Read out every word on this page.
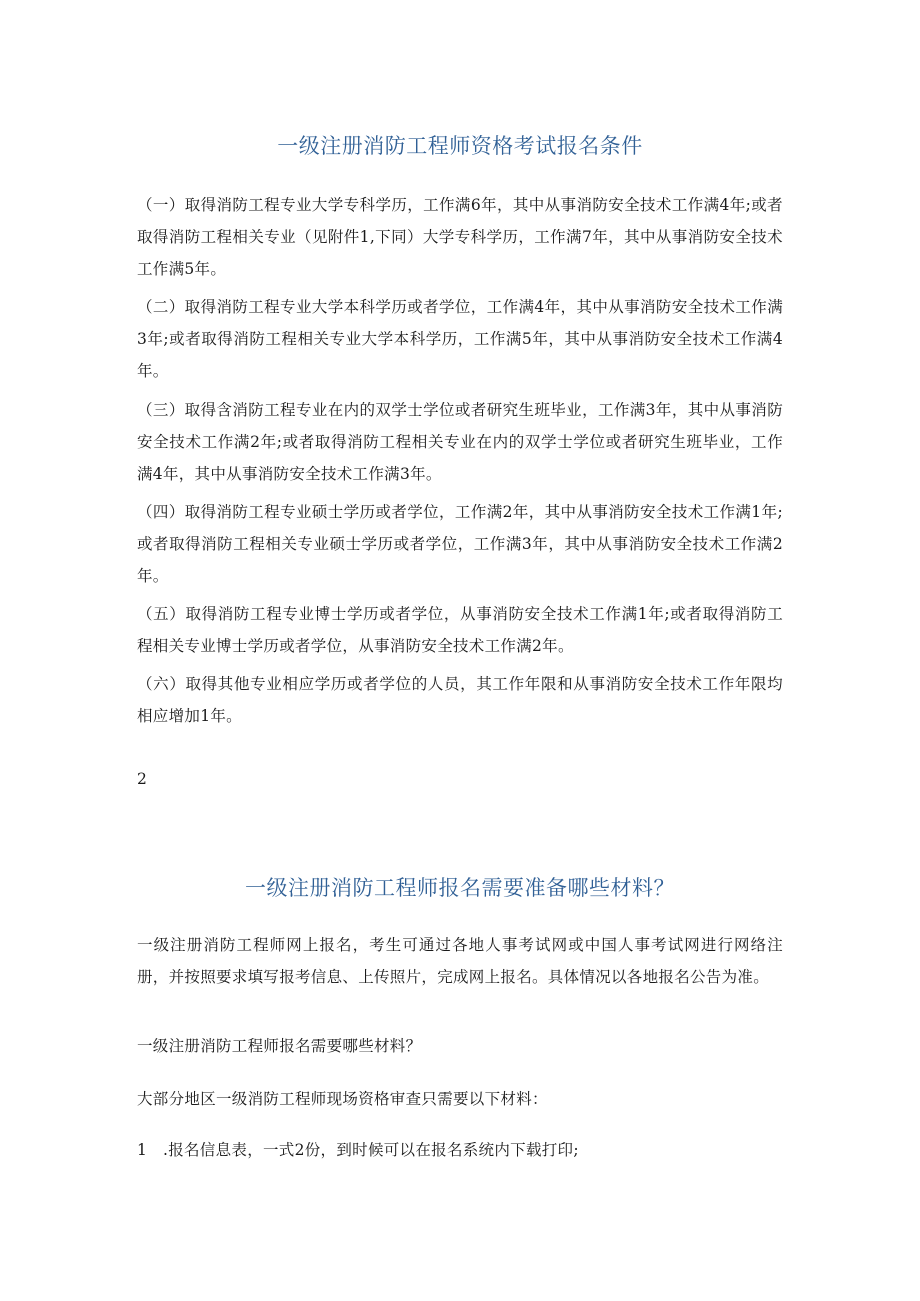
一级注册消防工程师资格考试报名条件

（一）取得消防工程专业大学专科学历，工作满6年，其中从事消防安全技术工作满4年;或者取得消防工程相关专业（见附件1,下同）大学专科学历，工作满7年，其中从事消防安全技术工作满5年。

（二）取得消防工程专业大学本科学历或者学位，工作满4年，其中从事消防安全技术工作满3年;或者取得消防工程相关专业大学本科学历，工作满5年，其中从事消防安全技术工作满4年。

（三）取得含消防工程专业在内的双学士学位或者研究生班毕业，工作满3年，其中从事消防安全技术工作满2年;或者取得消防工程相关专业在内的双学士学位或者研究生班毕业，工作满4年，其中从事消防安全技术工作满3年。

（四）取得消防工程专业硕士学历或者学位，工作满2年，其中从事消防安全技术工作满1年;或者取得消防工程相关专业硕士学历或者学位，工作满3年，其中从事消防安全技术工作满2年。

（五）取得消防工程专业博士学历或者学位，从事消防安全技术工作满1年;或者取得消防工程相关专业博士学历或者学位，从事消防安全技术工作满2年。

（六）取得其他专业相应学历或者学位的人员，其工作年限和从事消防安全技术工作年限均相应增加1年。

2

一级注册消防工程师报名需要准备哪些材料？

一级注册消防工程师网上报名，考生可通过各地人事考试网或中国人事考试网进行网络注册，并按照要求填写报考信息、上传照片，完成网上报名。具体情况以各地报名公告为准。

一级注册消防工程师报名需要哪些材料？

大部分地区一级消防工程师现场资格审查只需要以下材料：

1　.报名信息表，一式2份，到时候可以在报名系统内下载打印;
